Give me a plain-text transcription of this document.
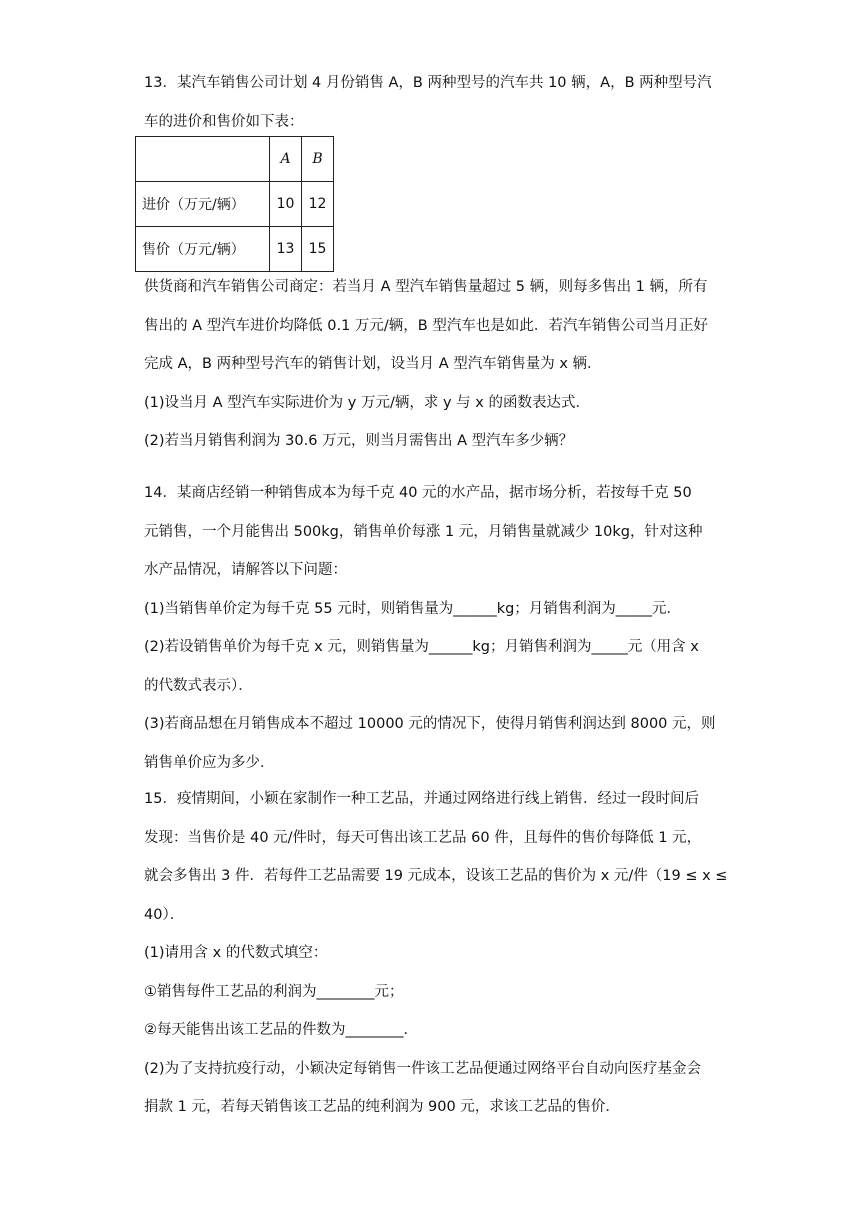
13．某汽车销售公司计划 4 月份销售 A，B 两种型号的汽车共 10 辆，A，B 两种型号汽
车的进价和售价如下表：
	A	B
进价（万元/辆）	10	12
售价（万元/辆）	13	15
供货商和汽车销售公司商定：若当月 A 型汽车销售量超过 5 辆，则每多售出 1 辆，所有
售出的 A 型汽车进价均降低 0.1 万元/辆，B 型汽车也是如此．若汽车销售公司当月正好
完成 A，B 两种型号汽车的销售计划，设当月 A 型汽车销售量为 x 辆．
(1)设当月 A 型汽车实际进价为 y 万元/辆，求 y 与 x 的函数表达式．
(2)若当月销售利润为 30.6 万元，则当月需售出 A 型汽车多少辆？
14．某商店经销一种销售成本为每千克 40 元的水产品，据市场分析，若按每千克 50
元销售，一个月能售出 500kg，销售单价每涨 1 元，月销售量就减少 10kg，针对这种
水产品情况，请解答以下问题：
(1)当销售单价定为每千克 55 元时，则销售量为______kg；月销售利润为_____元．
(2)若设销售单价为每千克 x 元，则销售量为______kg；月销售利润为_____元（用含 x
的代数式表示）．
(3)若商品想在月销售成本不超过 10000 元的情况下，使得月销售利润达到 8000 元，则
销售单价应为多少．
15．疫情期间，小颖在家制作一种工艺品，并通过网络进行线上销售．经过一段时间后
发现：当售价是 40 元/件时，每天可售出该工艺品 60 件，且每件的售价每降低 1 元，
就会多售出 3 件．若每件工艺品需要 19 元成本，设该工艺品的售价为 x 元/件（19 ≤ x ≤
40）．
(1)请用含 x 的代数式填空：
①销售每件工艺品的利润为________元；
②每天能售出该工艺品的件数为________．
(2)为了支持抗疫行动，小颖决定每销售一件该工艺品便通过网络平台自动向医疗基金会
捐款 1 元，若每天销售该工艺品的纯利润为 900 元，求该工艺品的售价．
